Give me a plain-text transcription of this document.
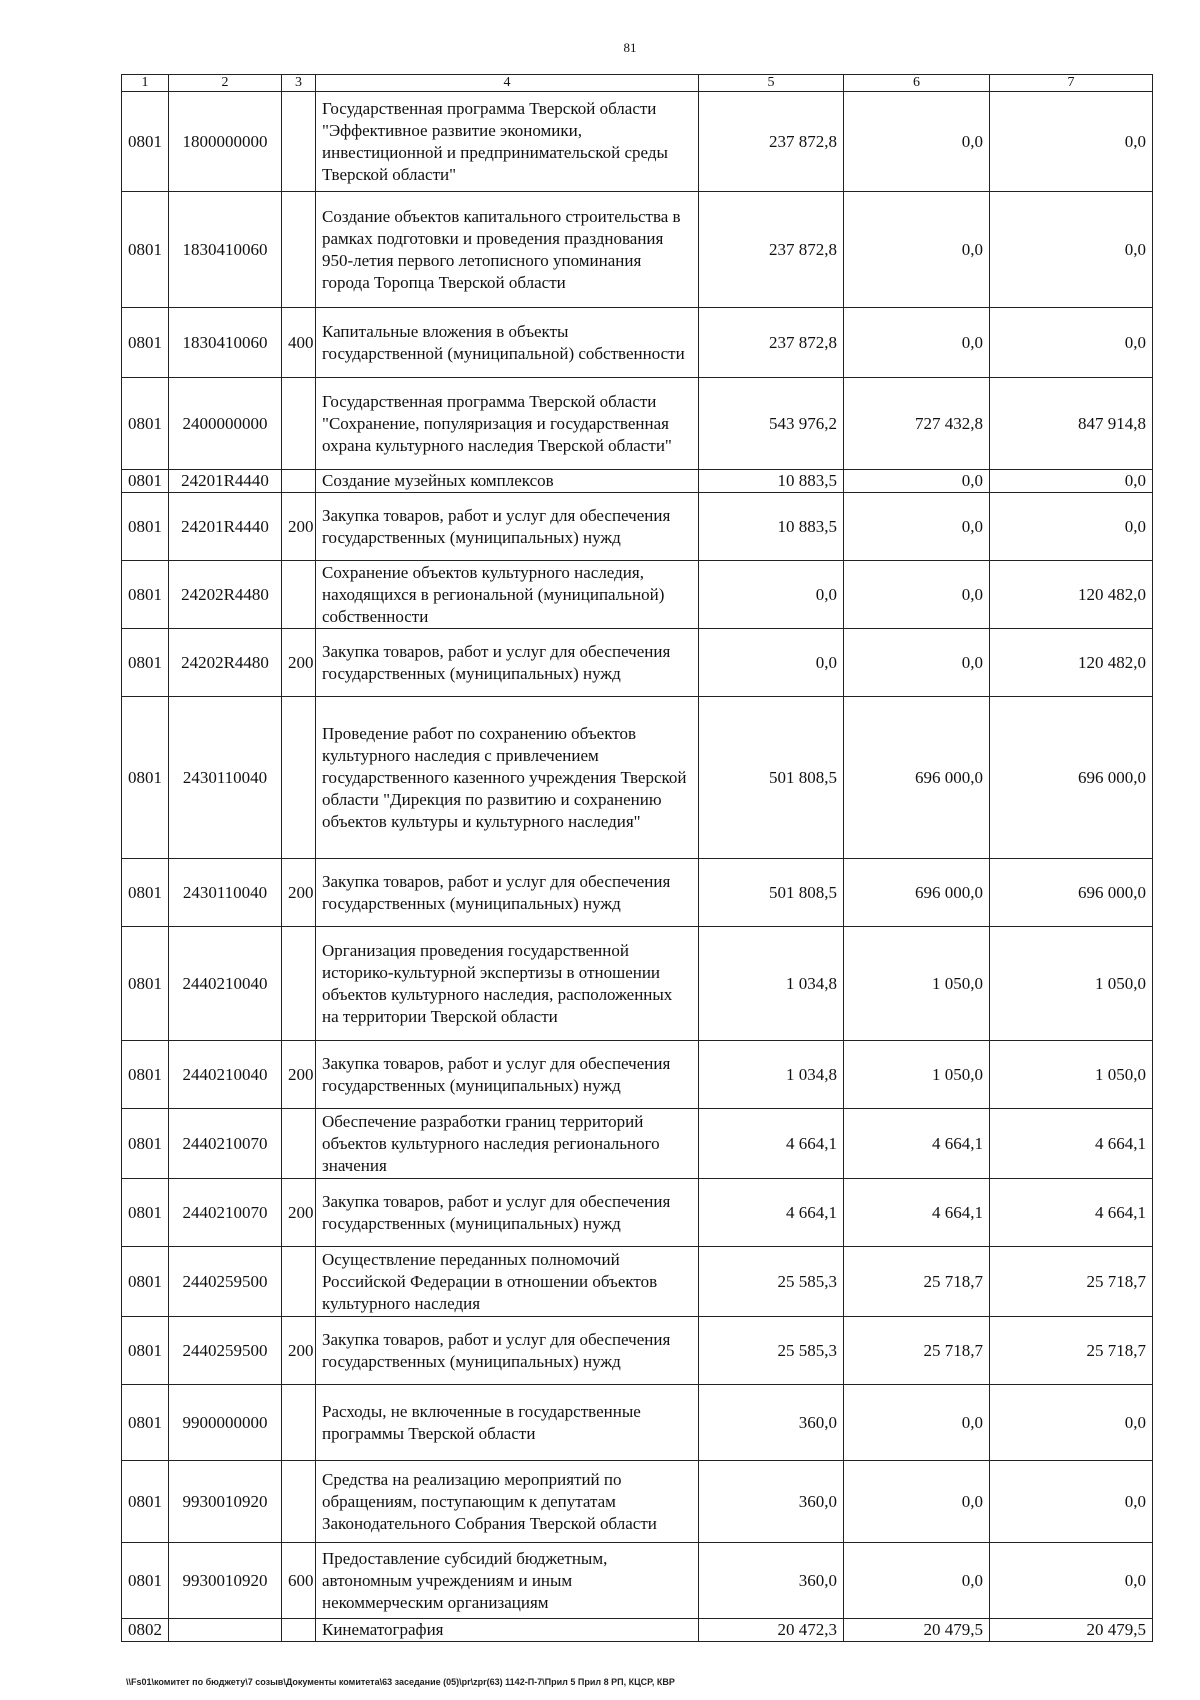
81
1	2	3	4	5	6	7
0801	1800000000		Государственная программа Тверской области "Эффективное развитие экономики, инвестиционной и предпринимательской среды Тверской области"	237 872,8	0,0	0,0
0801	1830410060		Создание объектов капитального строительства в рамках подготовки и проведения празднования 950-летия первого летописного упоминания города Торопца Тверской области	237 872,8	0,0	0,0
0801	1830410060	400	Капитальные вложения в объекты государственной (муниципальной) собственности	237 872,8	0,0	0,0
0801	2400000000		Государственная программа Тверской области "Сохранение, популяризация и государственная охрана культурного наследия Тверской области"	543 976,2	727 432,8	847 914,8
0801	24201R4440		Создание музейных комплексов	10 883,5	0,0	0,0
0801	24201R4440	200	Закупка товаров, работ и услуг для обеспечения государственных (муниципальных) нужд	10 883,5	0,0	0,0
0801	24202R4480		Сохранение объектов культурного наследия, находящихся в региональной (муниципальной) собственности	0,0	0,0	120 482,0
0801	24202R4480	200	Закупка товаров, работ и услуг для обеспечения государственных (муниципальных) нужд	0,0	0,0	120 482,0
0801	2430110040		Проведение работ по сохранению объектов культурного наследия с привлечением государственного казенного учреждения Тверской области "Дирекция по развитию и сохранению объектов культуры и культурного наследия"	501 808,5	696 000,0	696 000,0
0801	2430110040	200	Закупка товаров, работ и услуг для обеспечения государственных (муниципальных) нужд	501 808,5	696 000,0	696 000,0
0801	2440210040		Организация проведения государственной историко-культурной экспертизы в отношении объектов культурного наследия, расположенных на территории Тверской области	1 034,8	1 050,0	1 050,0
0801	2440210040	200	Закупка товаров, работ и услуг для обеспечения государственных (муниципальных) нужд	1 034,8	1 050,0	1 050,0
0801	2440210070		Обеспечение разработки границ территорий объектов культурного наследия регионального значения	4 664,1	4 664,1	4 664,1
0801	2440210070	200	Закупка товаров, работ и услуг для обеспечения государственных (муниципальных) нужд	4 664,1	4 664,1	4 664,1
0801	2440259500		Осуществление переданных полномочий Российской Федерации в отношении объектов культурного наследия	25 585,3	25 718,7	25 718,7
0801	2440259500	200	Закупка товаров, работ и услуг для обеспечения государственных (муниципальных) нужд	25 585,3	25 718,7	25 718,7
0801	9900000000		Расходы, не включенные в государственные программы Тверской области	360,0	0,0	0,0
0801	9930010920		Средства на реализацию мероприятий по обращениям, поступающим к депутатам Законодательного Собрания Тверской области	360,0	0,0	0,0
0801	9930010920	600	Предоставление субсидий бюджетным, автономным учреждениям и иным некоммерческим организациям	360,0	0,0	0,0
0802			Кинематография	20 472,3	20 479,5	20 479,5
\\Fs01\комитет по бюджету\7 созыв\Документы комитета\63 заседание (05)\pr\zpr(63) 1142-П-7\Прил 5 Прил 8 РП, КЦСР, КВР
